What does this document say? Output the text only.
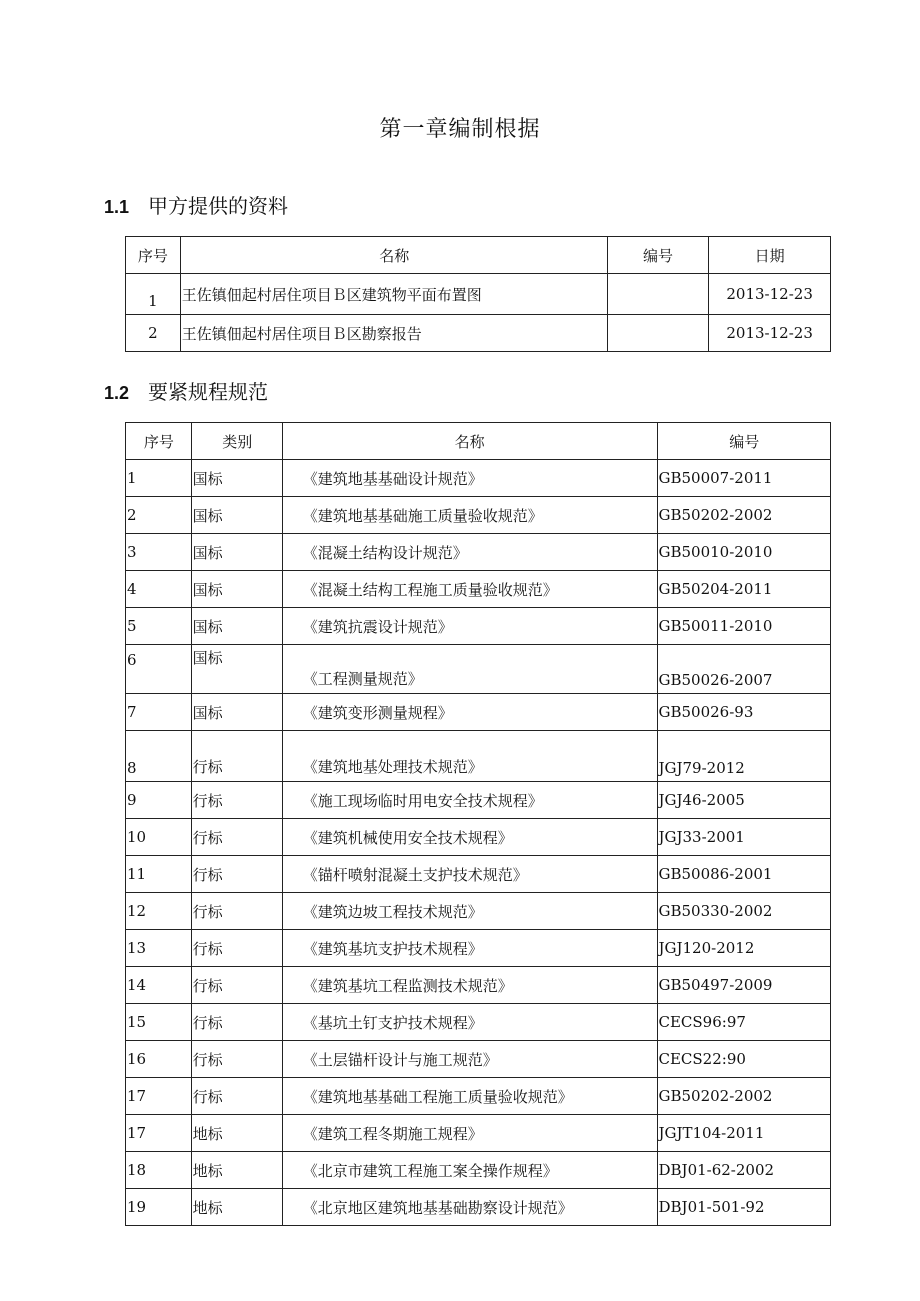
第一章编制根据
1.1 甲方提供的资料
序号	名称	编号	日期
1	王佐镇佃起村居住项目Ｂ区建筑物平面布置图		2013-12-23
2	王佐镇佃起村居住项目Ｂ区勘察报告		2013-12-23
1.2 要紧规程规范
序号	类别	名称	编号
1	国标	《建筑地基基础设计规范》	GB50007-2011
2	国标	《建筑地基基础施工质量验收规范》	GB50202-2002
3	国标	《混凝土结构设计规范》	GB50010-2010
4	国标	《混凝土结构工程施工质量验收规范》	GB50204-2011
5	国标	《建筑抗震设计规范》	GB50011-2010
6	国标	《工程测量规范》	GB50026-2007
7	国标	《建筑变形测量规程》	GB50026-93
8	行标	《建筑地基处理技术规范》	JGJ79-2012
9	行标	《施工现场临时用电安全技术规程》	JGJ46-2005
10	行标	《建筑机械使用安全技术规程》	JGJ33-2001
11	行标	《锚杆喷射混凝土支护技术规范》	GB50086-2001
12	行标	《建筑边坡工程技术规范》	GB50330-2002
13	行标	《建筑基坑支护技术规程》	JGJ120-2012
14	行标	《建筑基坑工程监测技术规范》	GB50497-2009
15	行标	《基坑土钉支护技术规程》	CECS96:97
16	行标	《土层锚杆设计与施工规范》	CECS22:90
17	行标	《建筑地基基础工程施工质量验收规范》	GB50202-2002
17	地标	《建筑工程冬期施工规程》	JGJT104-2011
18	地标	《北京市建筑工程施工案全操作规程》	DBJ01-62-2002
19	地标	《北京地区建筑地基基础勘察设计规范》	DBJ01-501-92
